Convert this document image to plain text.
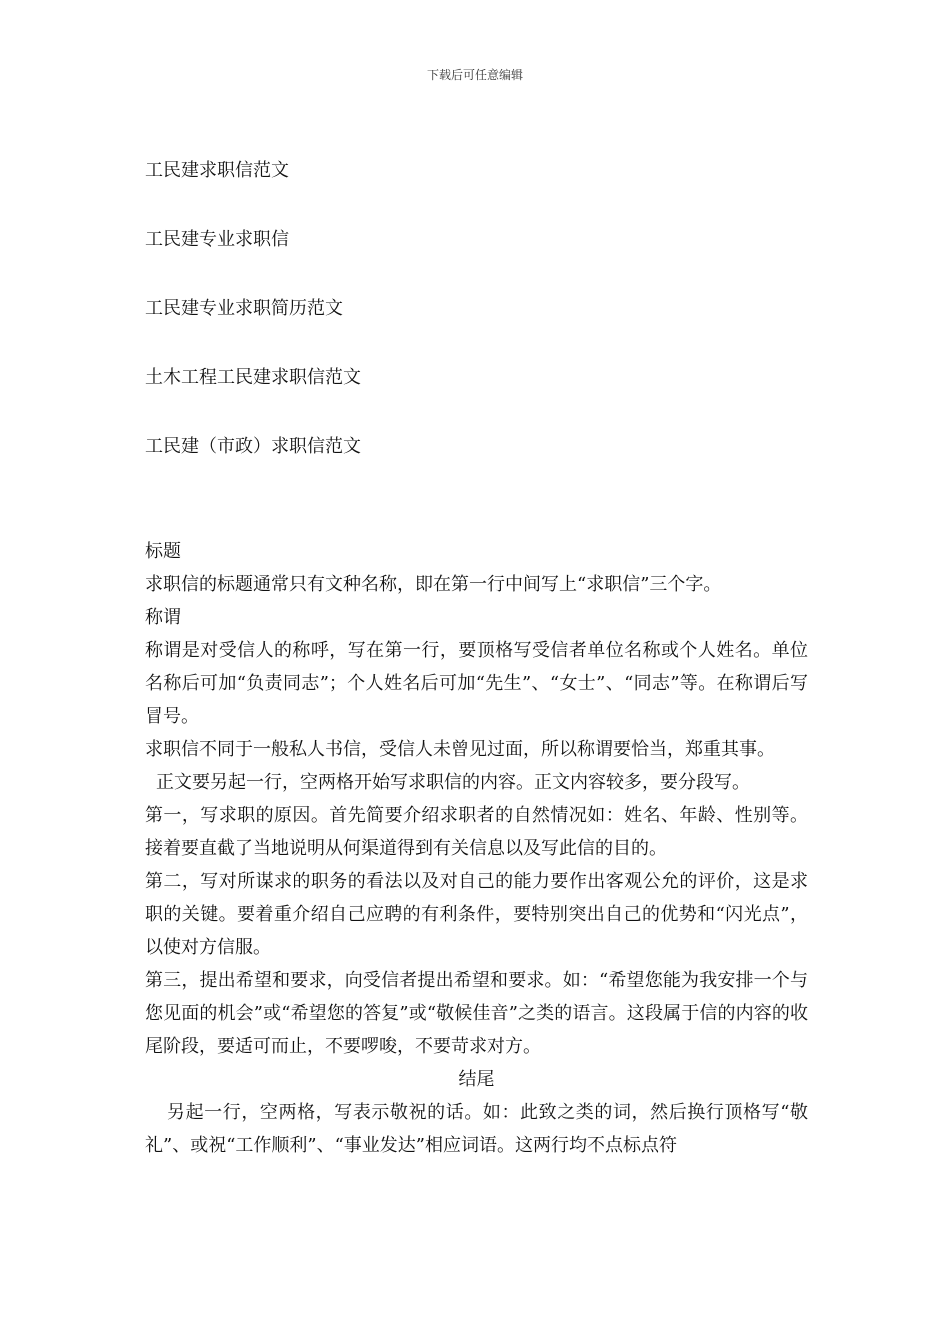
下载后可任意编辑
工民建求职信范文
工民建专业求职信
工民建专业求职简历范文
土木工程工民建求职信范文
工民建（市政）求职信范文

标题

求职信的标题通常只有文种名称，即在第一行中间写上“求职信”三个字。

称谓

称谓是对受信人的称呼，写在第一行，要顶格写受信者单位名称或个人姓名。单位名称后可加“负责同志”；个人姓名后可加“先生”、“女士”、“同志”等。在称谓后写冒号。

求职信不同于一般私人书信，受信人未曾见过面，所以称谓要恰当，郑重其事。

正文要另起一行，空两格开始写求职信的内容。正文内容较多，要分段写。

第一，写求职的原因。首先简要介绍求职者的自然情况如：姓名、年龄、性别等。接着要直截了当地说明从何渠道得到有关信息以及写此信的目的。

第二，写对所谋求的职务的看法以及对自己的能力要作出客观公允的评价，这是求职的关键。要着重介绍自己应聘的有利条件，要特别突出自己的优势和“闪光点”，以使对方信服。

第三，提出希望和要求，向受信者提出希望和要求。如：“希望您能为我安排一个与您见面的机会”或“希望您的答复”或“敬候佳音”之类的语言。这段属于信的内容的收尾阶段，要适可而止，不要啰唆，不要苛求对方。

结尾

另起一行，空两格，写表示敬祝的话。如：此致之类的词，然后换行顶格写“敬礼”、或祝“工作顺利”、“事业发达”相应词语。这两行均不点标点符
